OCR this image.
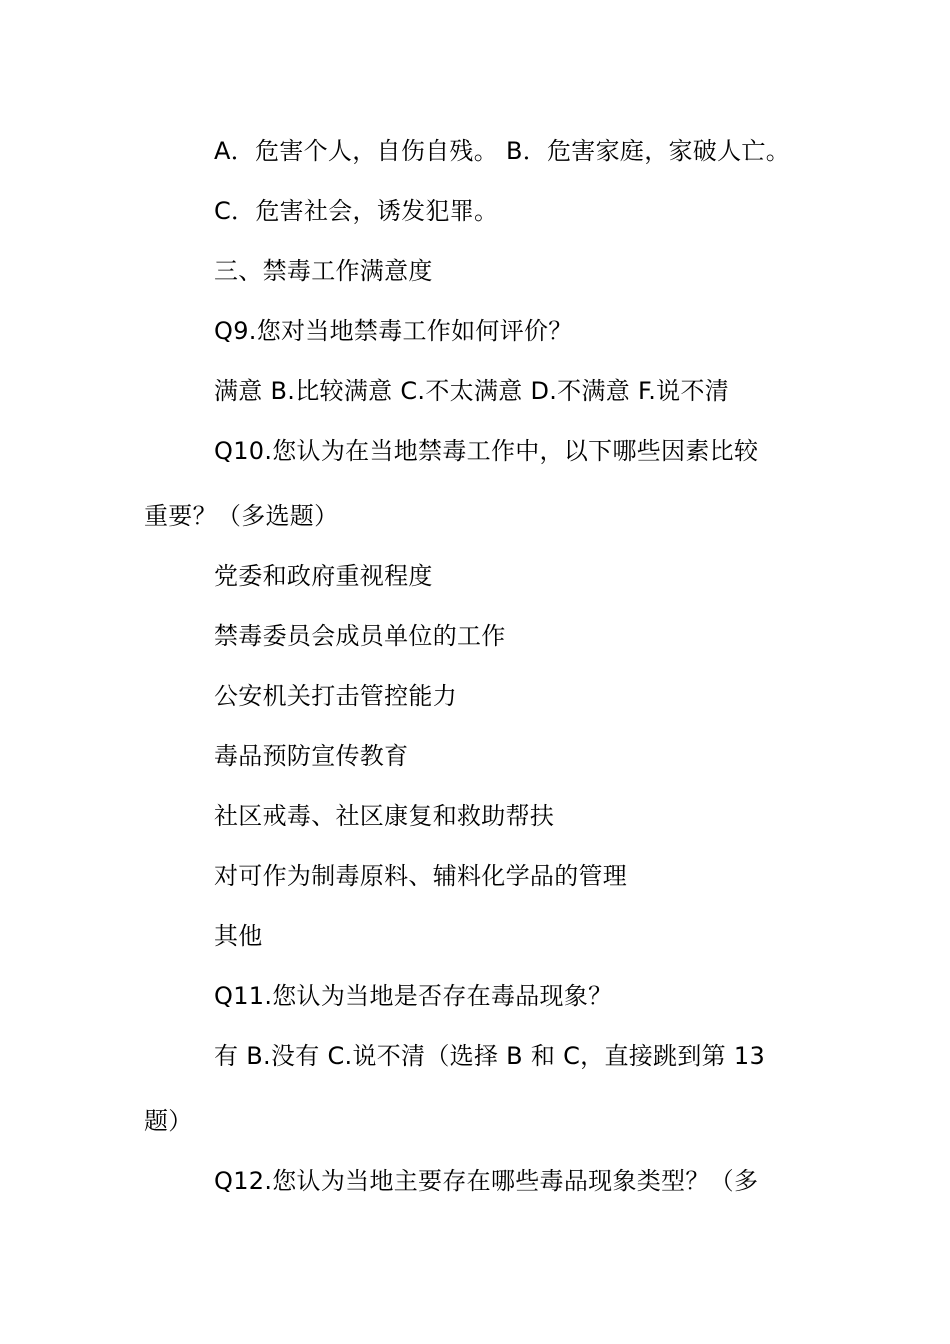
A．危害个人，自伤自残。 B．危害家庭，家破人亡。
C．危害社会，诱发犯罪。
三、禁毒工作满意度
Q9.您对当地禁毒工作如何评价？
满意 B.比较满意 C.不太满意 D.不满意 F.说不清
Q10.您认为在当地禁毒工作中，以下哪些因素比较
重要？（多选题）
党委和政府重视程度
禁毒委员会成员单位的工作
公安机关打击管控能力
毒品预防宣传教育
社区戒毒、社区康复和救助帮扶
对可作为制毒原料、辅料化学品的管理
其他
Q11.您认为当地是否存在毒品现象？
有 B.没有 C.说不清（选择 B 和 C，直接跳到第 13
题）
Q12.您认为当地主要存在哪些毒品现象类型？（多
